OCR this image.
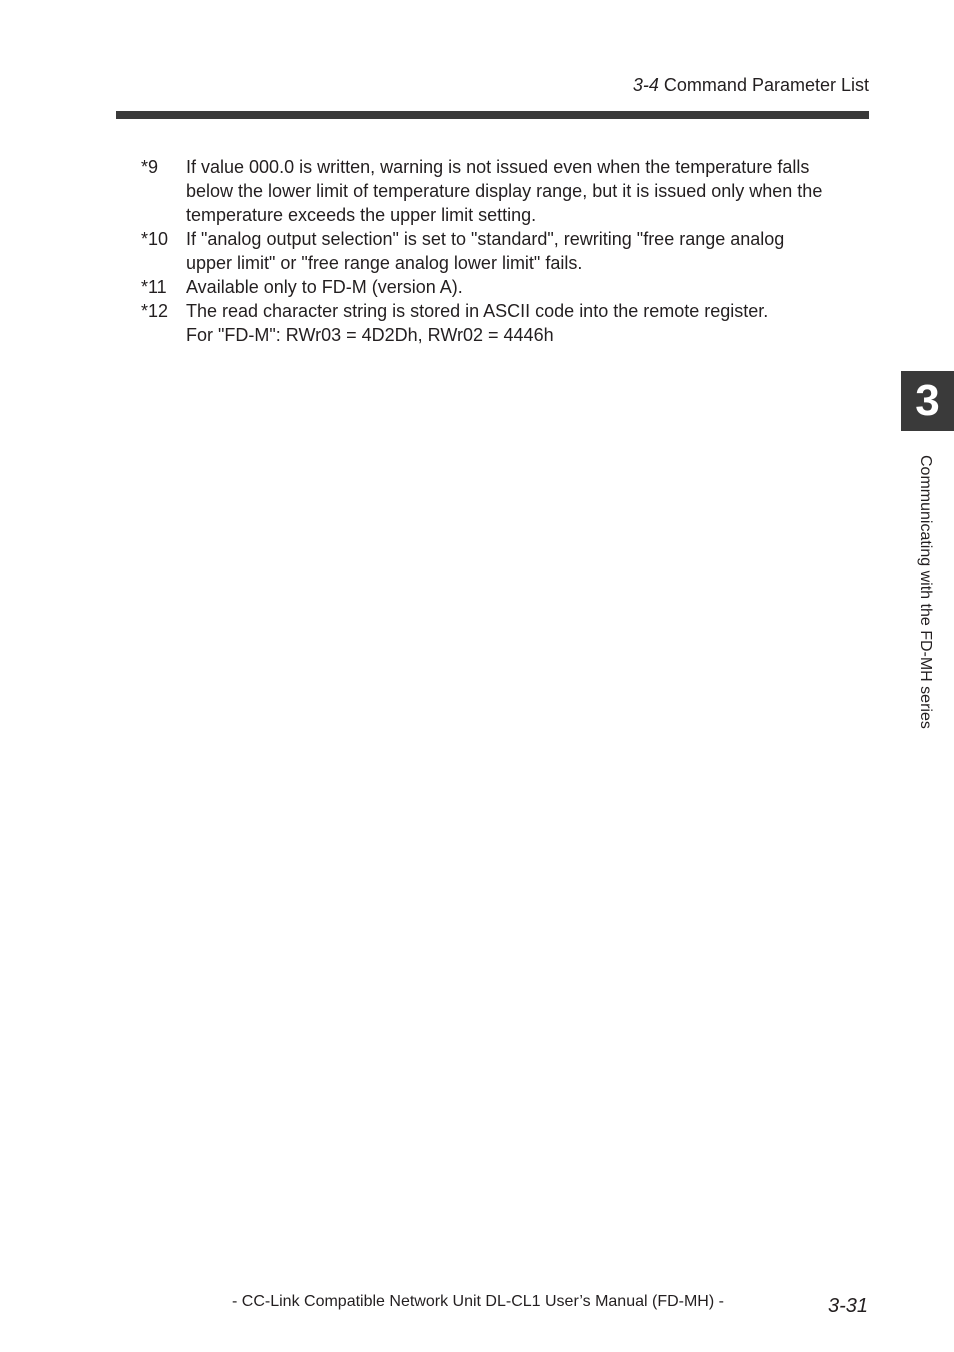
3-4 Command Parameter List
*9	If value 000.0 is written, warning is not issued even when the temperature falls
below the lower limit of temperature display range, but it is issued only when the
temperature exceeds the upper limit setting.
*10 If "analog output selection" is set to "standard", rewriting "free range analog
upper limit" or "free range analog lower limit" fails.
*11	Available only to FD-M (version A).
*12 The read character string is stored in ASCII code into the remote register.
For "FD-M": RWr03 = 4D2Dh, RWr02 = 4446h
3
Communicating with the FD-MH series
- CC-Link Compatible Network Unit DL-CL1 User’s Manual (FD-MH) -	3-31
